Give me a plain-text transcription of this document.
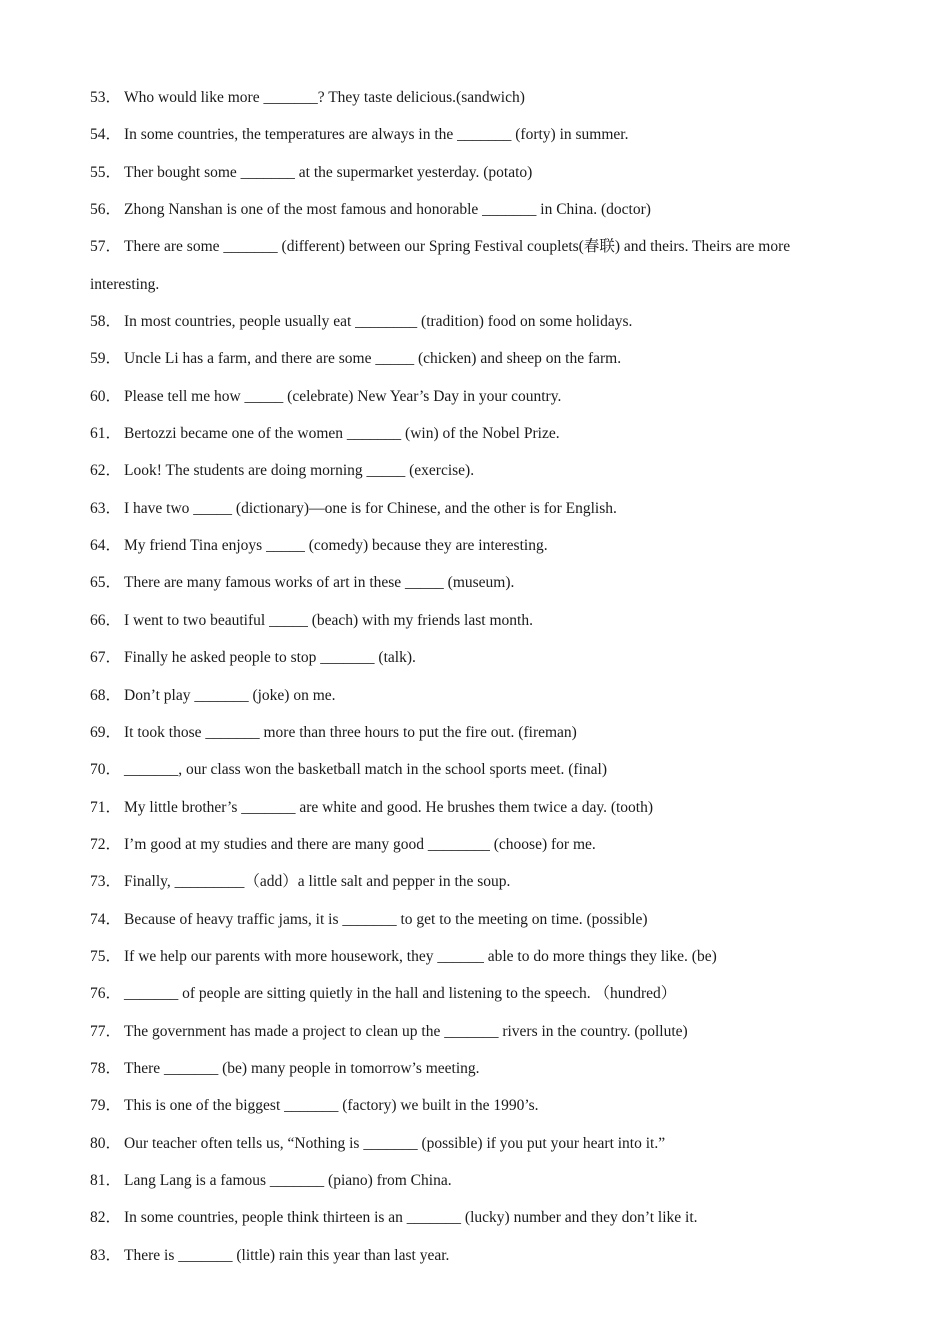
53． Who would like more _______? They taste delicious.(sandwich)
54． In some countries, the temperatures are always in the _______ (forty) in summer.
55． Ther bought some _______ at the supermarket yesterday. (potato)
56． Zhong Nanshan is one of the most famous and honorable _______ in China. (doctor)
57． There are some _______ (different) between our Spring Festival couplets(春联) and theirs. Theirs are more interesting.
58． In most countries, people usually eat ________ (tradition) food on some holidays.
59． Uncle Li has a farm, and there are some _____ (chicken) and sheep on the farm.
60． Please tell me how _____ (celebrate) New Year’s Day in your country.
61． Bertozzi became one of the women _______ (win) of the Nobel Prize.
62． Look! The students are doing morning _____ (exercise).
63． I have two _____ (dictionary)—one is for Chinese, and the other is for English.
64． My friend Tina enjoys _____ (comedy) because they are interesting.
65． There are many famous works of art in these _____ (museum).
66． I went to two beautiful _____ (beach) with my friends last month.
67． Finally he asked people to stop _______ (talk).
68． Don’t play _______ (joke) on me.
69． It took those _______ more than three hours to put the fire out. (fireman)
70． _______, our class won the basketball match in the school sports meet. (final)
71． My little brother’s _______ are white and good. He brushes them twice a day. (tooth)
72． I’m good at my studies and there are many good ________ (choose) for me.
73． Finally, _________（add）a little salt and pepper in the soup.
74． Because of heavy traffic jams, it is _______ to get to the meeting on time. (possible)
75． If we help our parents with more housework, they ______ able to do more things they like. (be)
76． _______ of people are sitting quietly in the hall and listening to the speech. （hundred）
77． The government has made a project to clean up the _______ rivers in the country. (pollute)
78． There _______ (be) many people in tomorrow’s meeting.
79． This is one of the biggest _______ (factory) we built in the 1990’s.
80． Our teacher often tells us, “Nothing is _______ (possible) if you put your heart into it.”
81． Lang Lang is a famous _______ (piano) from China.
82． In some countries, people think thirteen is an _______ (lucky) number and they don’t like it.
83． There is _______ (little) rain this year than last year.
